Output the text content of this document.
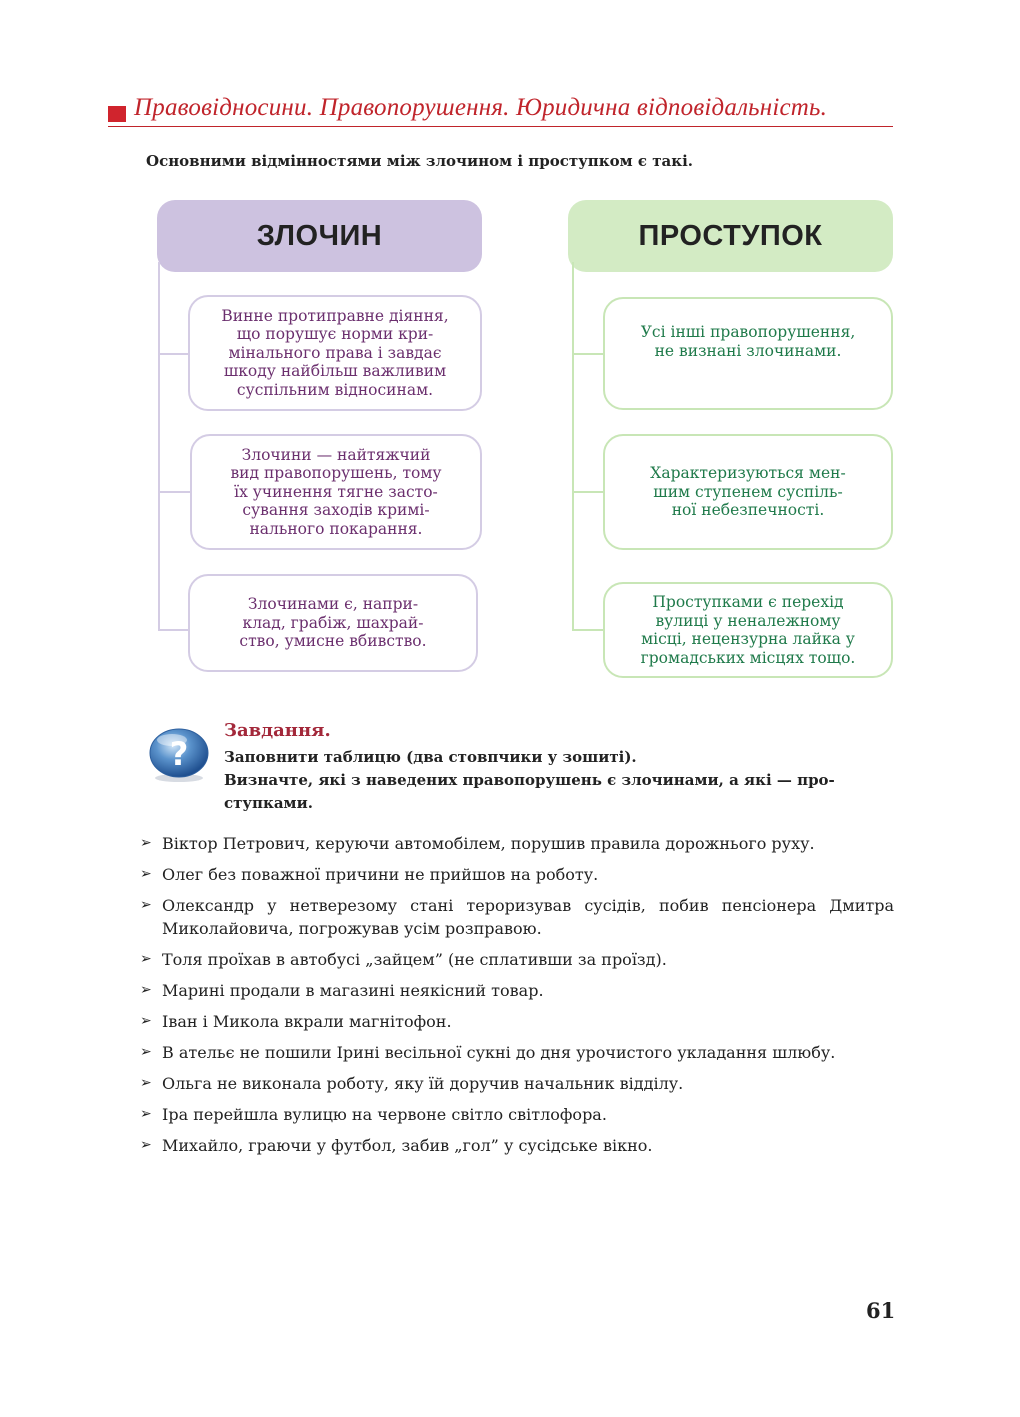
Правовідносини. Правопорушення. Юридична відповідальність.
Основними відмінностями між злочином і проступком є такі.
ЗЛОЧИН
Винне протиправне діяння,
що порушує норми кри-
мінального права і завдає
шкоду найбільш важливим
суспільним відносинам.
Злочини — найтяжчий
вид правопорушень, тому
їх учинення тягне засто-
сування заходів кримі-
нального покарання.
Злочинами є, напри-
клад, грабіж, шахрай-
ство, умисне вбивство.
ПРОСТУПОК
Усі інші правопорушення,
не визнані злочинами.
Характеризуються мен-
шим ступенем суспіль-
ної небезпечності.
Проступками є перехід
вулиці у неналежному
місці, нецензурна лайка у
громадських місцях тощо.
?
Завдання.
Заповнити таблицю (два стовпчики у зошиті).
Визначте, які з наведених правопорушень є злочинами, а які — про-
ступками.
➢ Віктор Петрович, керуючи автомобілем, порушив правила дорожнього руху.
➢ Олег без поважної причини не прийшов на роботу.
➢ Олександр у нетверезому стані тероризував сусідів, побив пенсіонера Дмитра Миколайовича, погрожував усім розправою.
➢ Толя проїхав в автобусі „зайцем” (не сплативши за проїзд).
➢ Марині продали в магазині неякісний товар.
➢ Іван і Микола вкрали магнітофон.
➢ В ательє не пошили Ірині весільної сукні до дня урочистого укладання шлюбу.
➢ Ольга не виконала роботу, яку їй доручив начальник відділу.
➢ Іра перейшла вулицю на червоне світло світлофора.
➢ Михайло, граючи у футбол, забив „гол” у сусідське вікно.
61
